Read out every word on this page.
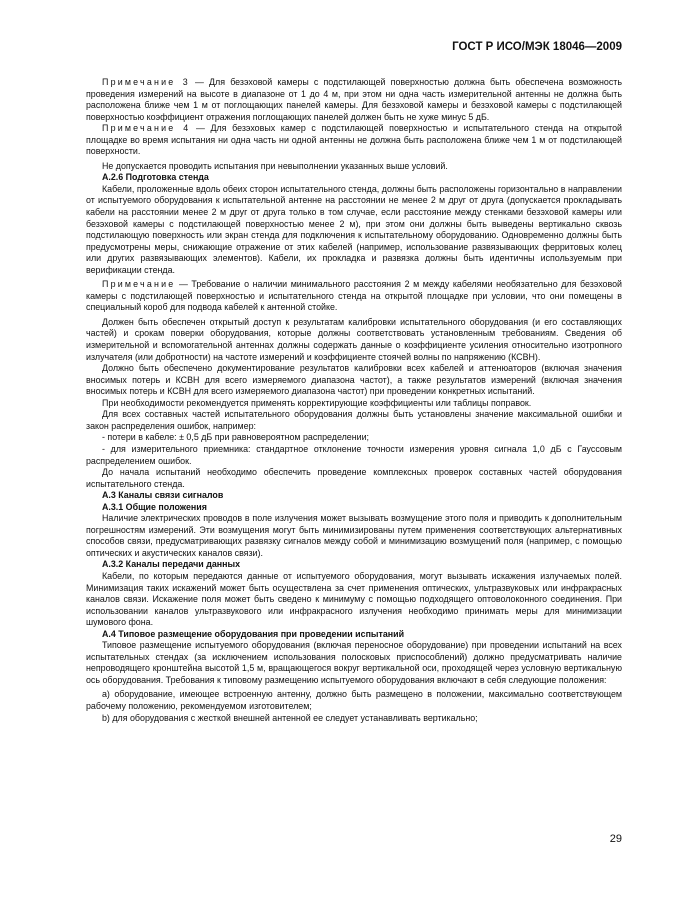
ГОСТ Р ИСО/МЭК 18046—2009

Примечание 3 — Для безэховой камеры с подстилающей поверхностью должна быть обеспечена возможность проведения измерений на высоте в диапазоне от 1 до 4 м, при этом ни одна часть измерительной антенны не должна быть расположена ближе чем 1 м от поглощающих панелей камеры. Для безэховой камеры и безэховой камеры с подстилающей поверхностью коэффициент отражения поглощающих панелей должен быть не хуже минус 5 дБ.

Примечание 4 — Для безэховых камер с подстилающей поверхностью и испытательного стенда на открытой площадке во время испытания ни одна часть ни одной антенны не должна быть расположена ближе чем 1 м от подстилающей поверхности.

Не допускается проводить испытания при невыполнении указанных выше условий.

А.2.6 Подготовка стенда

Кабели, проложенные вдоль обеих сторон испытательного стенда, должны быть расположены горизонтально в направлении от испытуемого оборудования к испытательной антенне на расстоянии не менее 2 м друг от друга (допускается прокладывать кабели на расстоянии менее 2 м друг от друга только в том случае, если расстояние между стенками безэховой камеры или безэховой камеры с подстилающей поверхностью менее 2 м), при этом они должны быть выведены вертикально сквозь подстилающую поверхность или экран стенда для подключения к испытательному оборудованию. Одновременно должны быть предусмотрены меры, снижающие отражение от этих кабелей (например, использование развязывающих ферритовых колец или других развязывающих элементов). Кабели, их прокладка и развязка должны быть идентичны используемым при верификации стенда.

Примечание — Требование о наличии минимального расстояния 2 м между кабелями необязательно для безэховой камеры с подстилающей поверхностью и испытательного стенда на открытой площадке при условии, что они помещены в специальный короб для подвода кабелей к антенной стойке.

Должен быть обеспечен открытый доступ к результатам калибровки испытательного оборудования (и его составляющих частей) и срокам поверки оборудования, которые должны соответствовать установленным требованиям. Сведения об измерительной и вспомогательной антеннах должны содержать данные о коэффициенте усиления относительно изотропного излучателя (или добротности) на частоте измерений и коэффициенте стоячей волны по напряжению (КСВН).

Должно быть обеспечено документирование результатов калибровки всех кабелей и аттенюаторов (включая значения вносимых потерь и КСВН для всего измеряемого диапазона частот), а также результатов измерений (включая значения вносимых потерь и КСВН для всего измеряемого диапазона частот) при проведении конкретных испытаний.

При необходимости рекомендуется применять корректирующие коэффициенты или таблицы поправок.

Для всех составных частей испытательного оборудования должны быть установлены значение максимальной ошибки и закон распределения ошибок, например:

- потери в кабеле: ± 0,5 дБ при равновероятном распределении;

- для измерительного приемника: стандартное отклонение точности измерения уровня сигнала 1,0 дБ с Гауссовым распределением ошибок.

До начала испытаний необходимо обеспечить проведение комплексных проверок составных частей оборудования испытательного стенда.

А.3 Каналы связи сигналов
А.3.1 Общие положения

Наличие электрических проводов в поле излучения может вызывать возмущение этого поля и приводить к дополнительным погрешностям измерений. Эти возмущения могут быть минимизированы путем применения соответствующих альтернативных способов связи, предусматривающих развязку сигналов между собой и минимизацию возмущений поля (например, с помощью оптических и акустических каналов связи).

А.3.2 Каналы передачи данных

Кабели, по которым передаются данные от испытуемого оборудования, могут вызывать искажения излучаемых полей. Минимизация таких искажений может быть осуществлена за счет применения оптических, ультразвуковых или инфракрасных каналов связи. Искажение поля может быть сведено к минимуму с помощью подходящего оптоволоконного соединения. При использовании каналов ультразвукового или инфракрасного излучения необходимо принимать меры для минимизации шумового фона.

А.4 Типовое размещение оборудования при проведении испытаний

Типовое размещение испытуемого оборудования (включая переносное оборудование) при проведении испытаний на всех испытательных стендах (за исключением использования полосковых приспособлений) должно предусматривать наличие непроводящего кронштейна высотой 1,5 м, вращающегося вокруг вертикальной оси, проходящей через условную вертикальную ось оборудования. Требования к типовому размещению испытуемого оборудования включают в себя следующие положения:

a) оборудование, имеющее встроенную антенну, должно быть размещено в положении, максимально соответствующем рабочему положению, рекомендуемом изготовителем;

b) для оборудования с жесткой внешней антенной ее следует устанавливать вертикально;

29
